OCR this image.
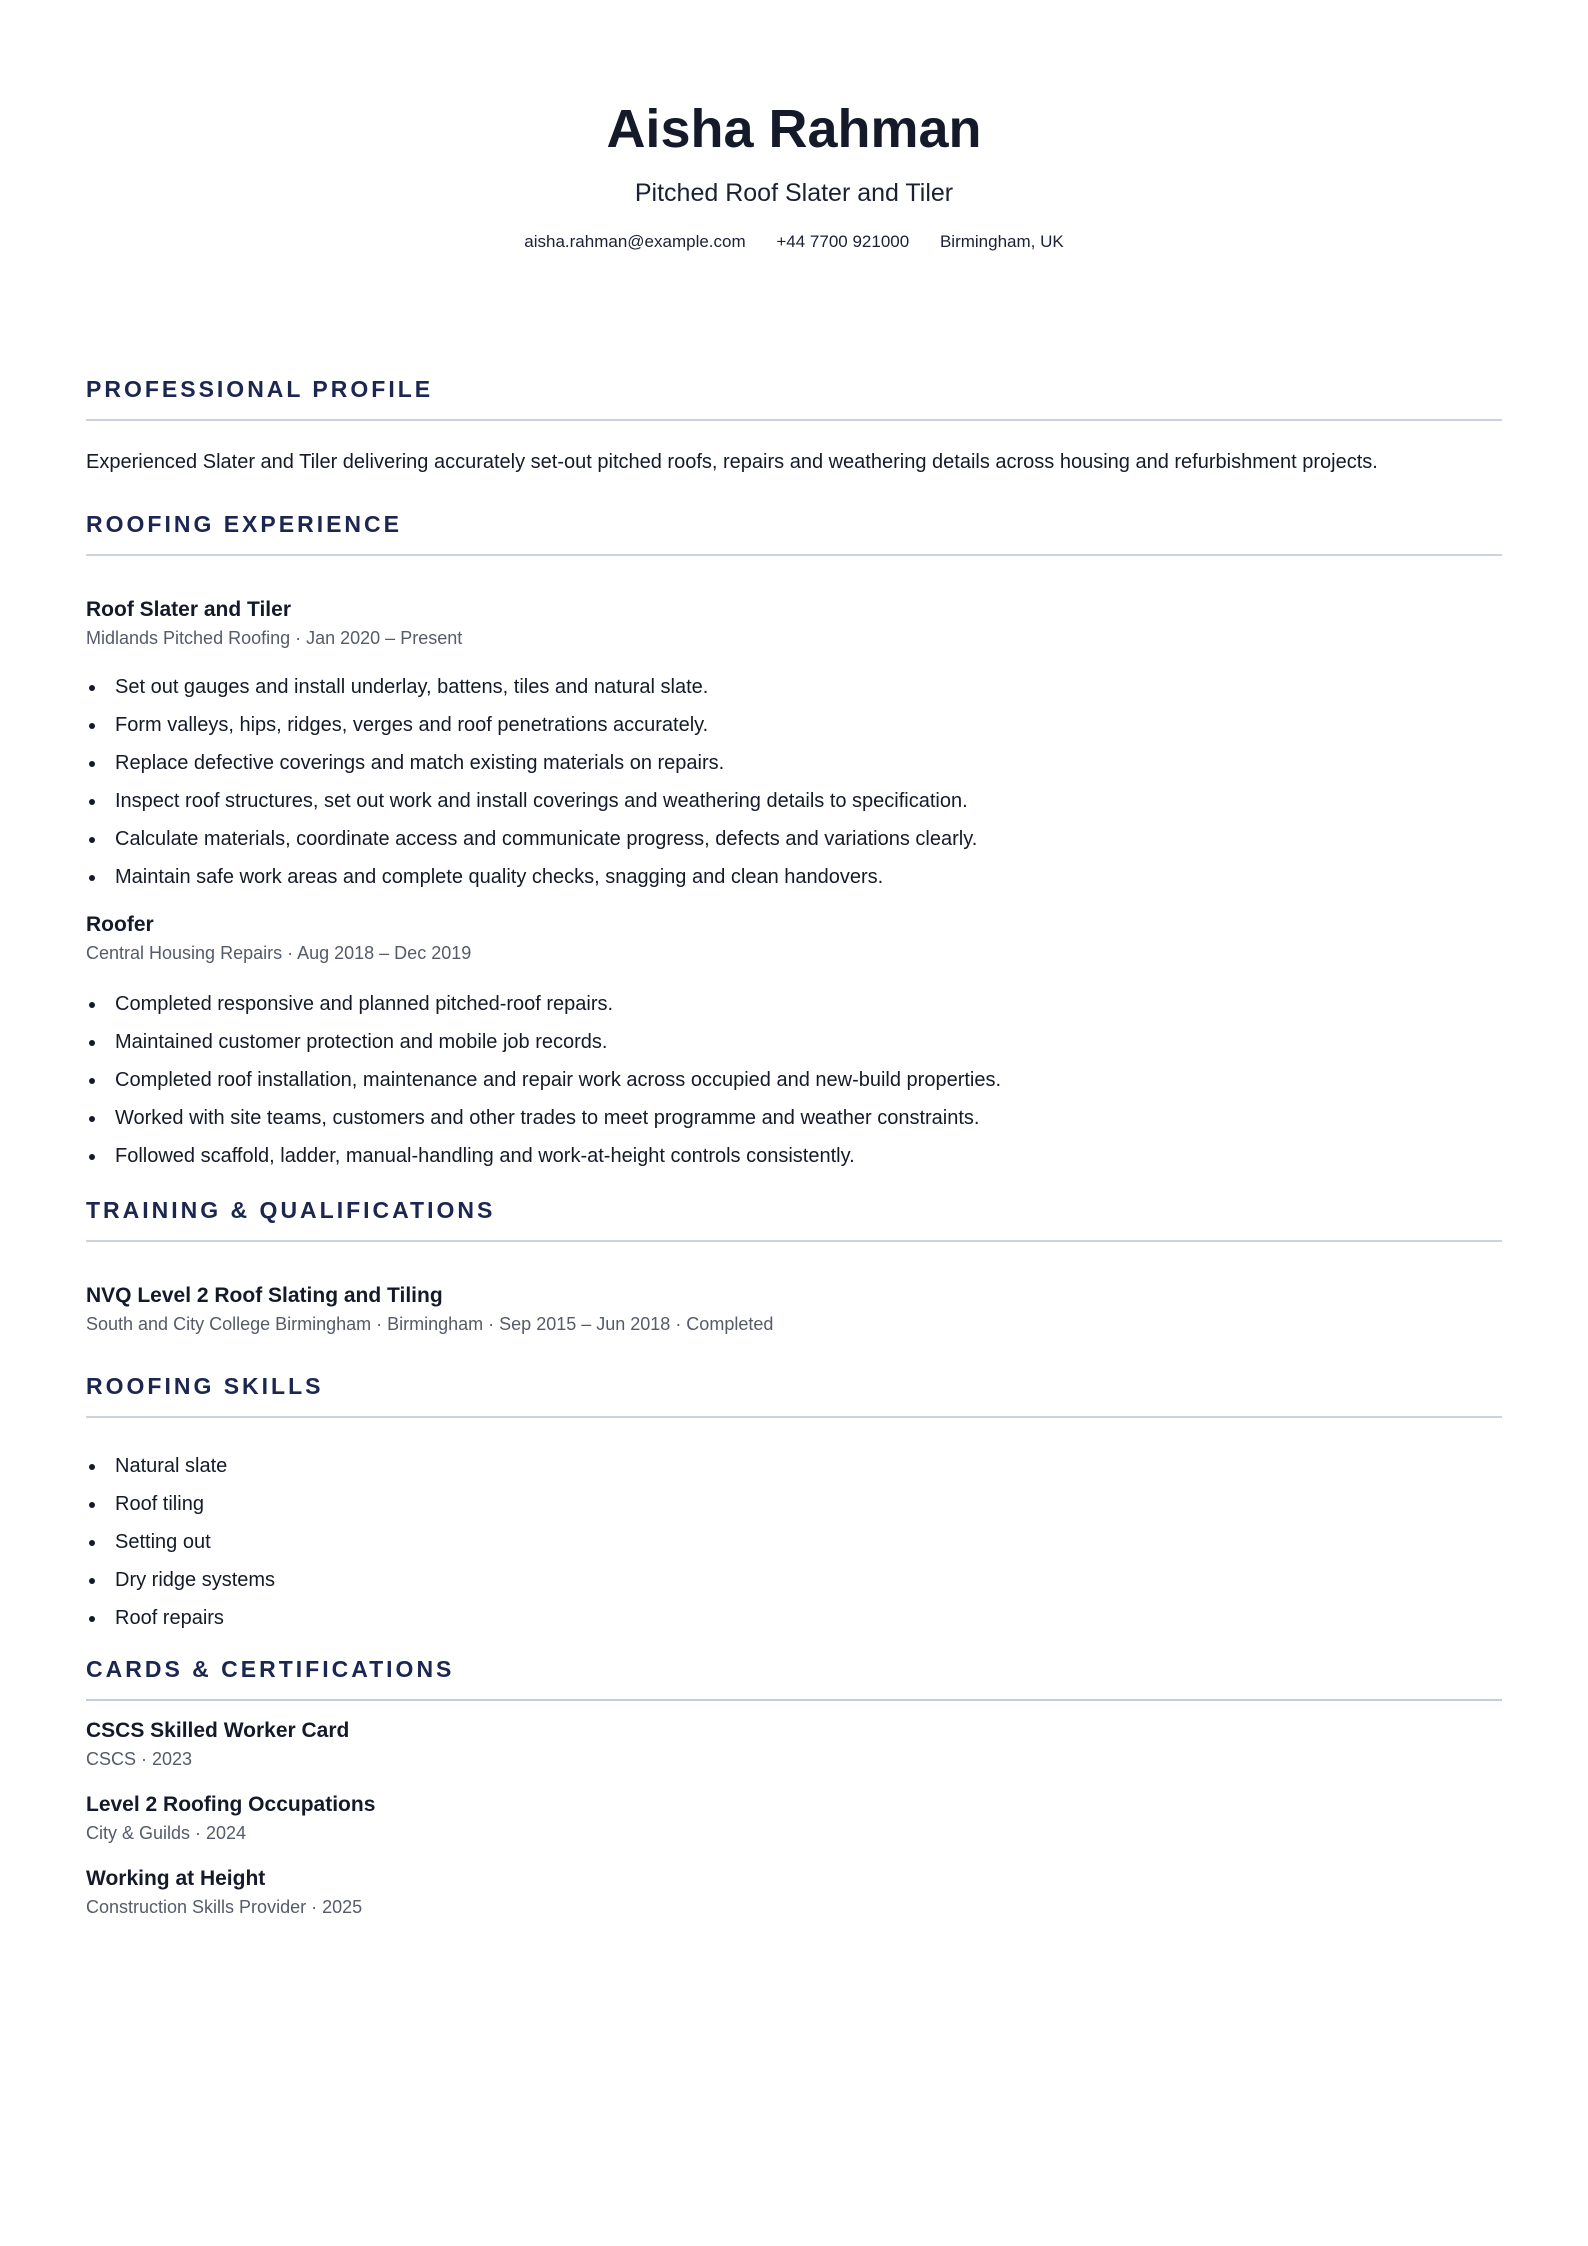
Aisha Rahman
Pitched Roof Slater and Tiler
aisha.rahman@example.com +44 7700 921000 Birmingham, UK
PROFESSIONAL PROFILE
Experienced Slater and Tiler delivering accurately set-out pitched roofs, repairs and weathering details across housing and refurbishment projects.
ROOFING EXPERIENCE
Roof Slater and Tiler
Midlands Pitched Roofing · Jan 2020 – Present
Set out gauges and install underlay, battens, tiles and natural slate.
Form valleys, hips, ridges, verges and roof penetrations accurately.
Replace defective coverings and match existing materials on repairs.
Inspect roof structures, set out work and install coverings and weathering details to specification.
Calculate materials, coordinate access and communicate progress, defects and variations clearly.
Maintain safe work areas and complete quality checks, snagging and clean handovers.
Roofer
Central Housing Repairs · Aug 2018 – Dec 2019
Completed responsive and planned pitched-roof repairs.
Maintained customer protection and mobile job records.
Completed roof installation, maintenance and repair work across occupied and new-build properties.
Worked with site teams, customers and other trades to meet programme and weather constraints.
Followed scaffold, ladder, manual-handling and work-at-height controls consistently.
TRAINING & QUALIFICATIONS
NVQ Level 2 Roof Slating and Tiling
South and City College Birmingham · Birmingham · Sep 2015 – Jun 2018 · Completed
ROOFING SKILLS
Natural slate
Roof tiling
Setting out
Dry ridge systems
Roof repairs
CARDS & CERTIFICATIONS
CSCS Skilled Worker Card
CSCS · 2023
Level 2 Roofing Occupations
City & Guilds · 2024
Working at Height
Construction Skills Provider · 2025
